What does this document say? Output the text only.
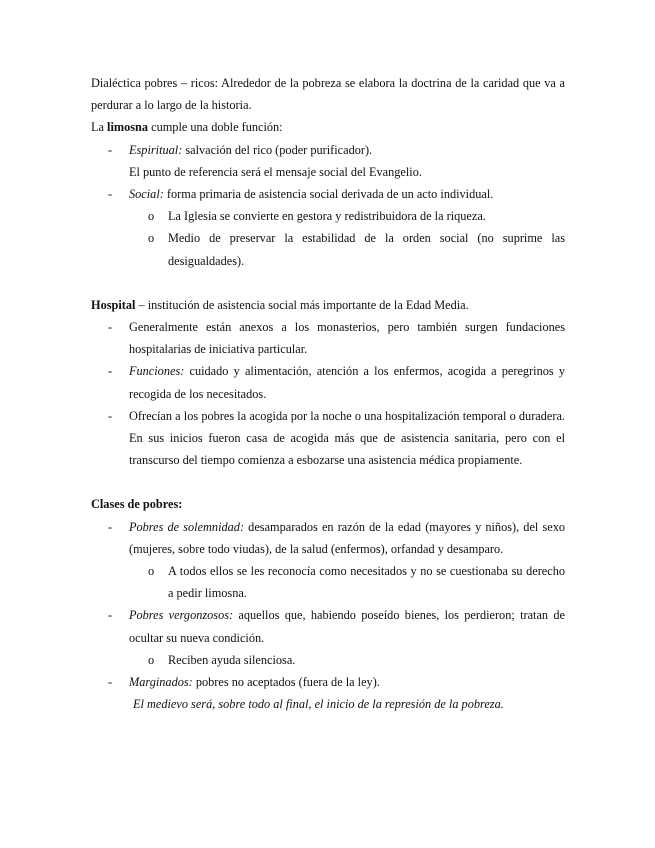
Dialéctica pobres – ricos: Alrededor de la pobreza se elabora la doctrina de la caridad que va a perdurar a lo largo de la historia.

La limosna cumple una doble función:

- Espiritual: salvación del rico (poder purificador).

El punto de referencia será el mensaje social del Evangelio.

- Social: forma primaria de asistencia social derivada de un acto individual.

o La Iglesia se convierte en gestora y redistribuidora de la riqueza.

o Medio de preservar la estabilidad de la orden social (no suprime las desigualdades).

Hospital – institución de asistencia social más importante de la Edad Media.

- Generalmente están anexos a los monasterios, pero también surgen fundaciones hospitalarias de iniciativa particular.

- Funciones: cuidado y alimentación, atención a los enfermos, acogida a peregrinos y recogida de los necesitados.

- Ofrecían a los pobres la acogida por la noche o una hospitalización temporal o duradera. En sus inicios fueron casa de acogida más que de asistencia sanitaria, pero con el transcurso del tiempo comienza a esbozarse una asistencia médica propiamente.

Clases de pobres:

- Pobres de solemnidad: desamparados en razón de la edad (mayores y niños), del sexo (mujeres, sobre todo viudas), de la salud (enfermos), orfandad y desamparo.

o A todos ellos se les reconocía como necesitados y no se cuestionaba su derecho a pedir limosna.

- Pobres vergonzosos: aquellos que, habiendo poseído bienes, los perdieron; tratan de ocultar su nueva condición.

o Reciben ayuda silenciosa.

- Marginados: pobres no aceptados (fuera de la ley).

El medievo será, sobre todo al final, el inicio de la represión de la pobreza.
